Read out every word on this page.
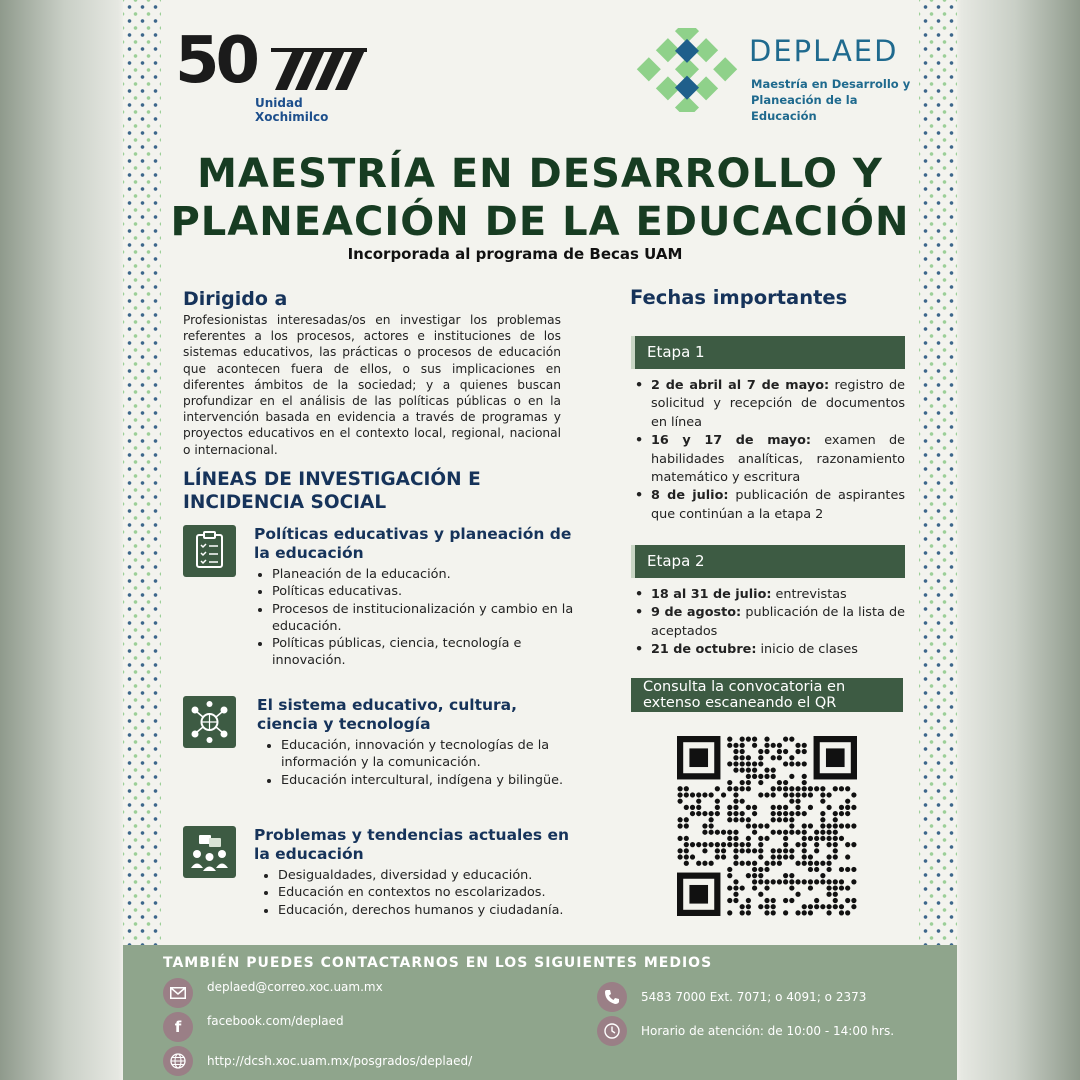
50
Unidad Xochimilco
DEPLAED
Maestría en Desarrollo y
Planeación de la Educación
MAESTRÍA EN DESARROLLO Y
PLANEACIÓN DE LA EDUCACIÓN
Incorporada al programa de Becas UAM
Dirigido a

Profesionistas interesadas/os en investigar los problemas referentes a los procesos, actores e instituciones de los sistemas educativos, las prácticas o procesos de educación que acontecen fuera de ellos, o sus implicaciones en diferentes ámbitos de la sociedad; y a quienes buscan profundizar en el análisis de las políticas públicas o en la intervención basada en evidencia a través de programas y proyectos educativos en el contexto local, regional, nacional o internacional.

LÍNEAS DE INVESTIGACIÓN E
INCIDENCIA SOCIAL
Políticas educativas y planeación de la educación
• Planeación de la educación.
• Políticas educativas.
• Procesos de institucionalización y cambio en la educación.
• Políticas públicas, ciencia, tecnología e innovación.
El sistema educativo, cultura, ciencia y tecnología
• Educación, innovación y tecnologías de la información y la comunicación.
• Educación intercultural, indígena y bilingüe.
Problemas y tendencias actuales en la educación
• Desigualdades, diversidad y educación.
• Educación en contextos no escolarizados.
• Educación, derechos humanos y ciudadanía.
Fechas importantes
Etapa 1
• 2 de abril al 7 de mayo: registro de solicitud y recepción de documentos en línea
• 16 y 17 de mayo: examen de habilidades analíticas, razonamiento matemático y escritura
• 8 de julio: publicación de aspirantes que continúan a la etapa 2
Etapa 2
• 18 al 31 de julio: entrevistas
• 9 de agosto: publicación de la lista de aceptados
• 21 de octubre: inicio de clases
Consulta la convocatoria en
extenso escaneando el QR
TAMBIÉN PUEDES CONTACTARNOS EN LOS SIGUIENTES MEDIOS
deplaed@correo.xoc.uam.mx
f	facebook.com/deplaed
http://dcsh.xoc.uam.mx/posgrados/deplaed/
5483 7000 Ext. 7071; o 4091; o 2373
Horario de atención: de 10:00 - 14:00 hrs.
